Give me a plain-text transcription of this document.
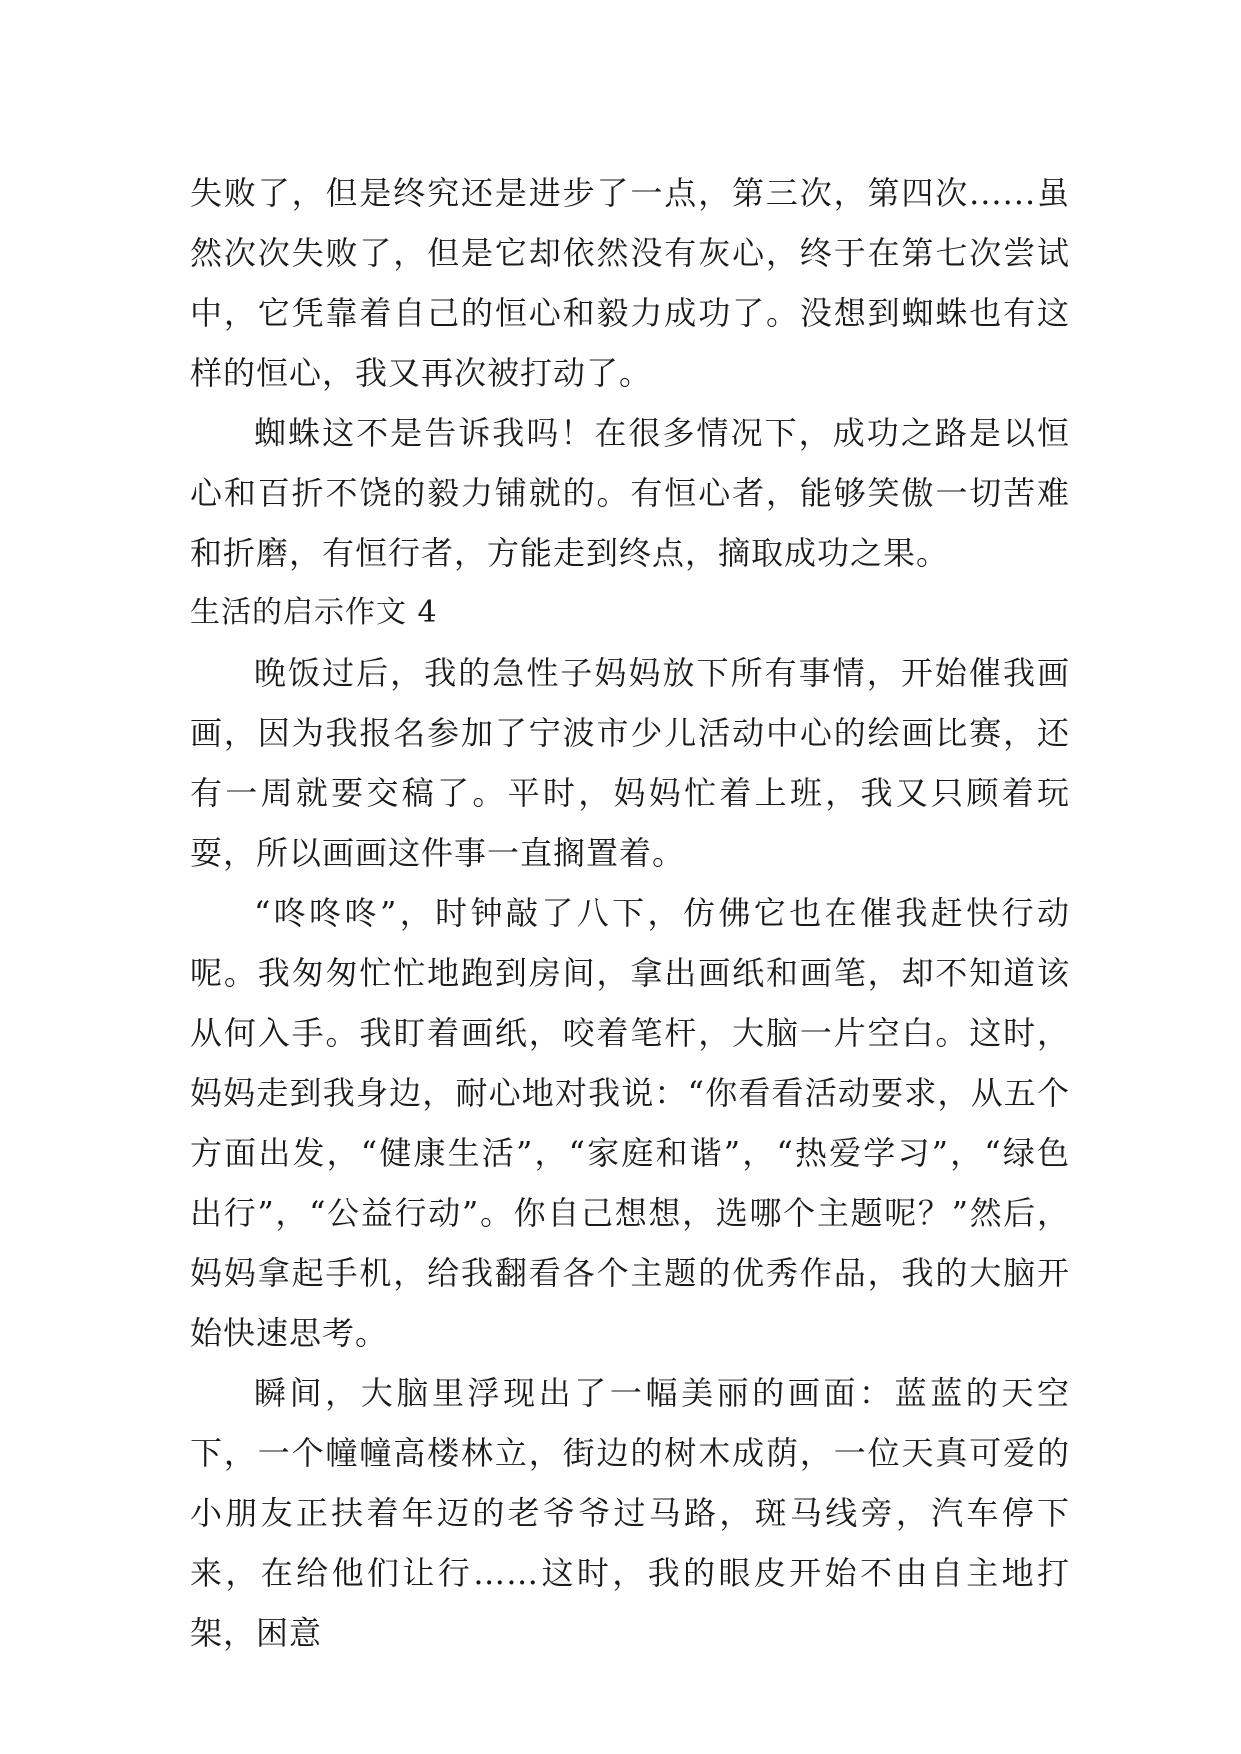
失败了，但是终究还是进步了一点，第三次，第四次......虽然次次失败了，但是它却依然没有灰心，终于在第七次尝试中，它凭靠着自己的恒心和毅力成功了。没想到蜘蛛也有这样的恒心，我又再次被打动了。

蜘蛛这不是告诉我吗！在很多情况下，成功之路是以恒心和百折不饶的毅力铺就的。有恒心者，能够笑傲一切苦难和折磨，有恒行者，方能走到终点，摘取成功之果。

生活的启示作文 4

晚饭过后，我的急性子妈妈放下所有事情，开始催我画画，因为我报名参加了宁波市少儿活动中心的绘画比赛，还有一周就要交稿了。平时，妈妈忙着上班，我又只顾着玩耍，所以画画这件事一直搁置着。

“咚咚咚”，时钟敲了八下，仿佛它也在催我赶快行动呢。我匆匆忙忙地跑到房间，拿出画纸和画笔，却不知道该从何入手。我盯着画纸，咬着笔杆，大脑一片空白。这时，妈妈走到我身边，耐心地对我说：“你看看活动要求，从五个方面出发，“健康生活”，“家庭和谐”，“热爱学习”，“绿色出行”，“公益行动”。你自己想想，选哪个主题呢？”然后，妈妈拿起手机，给我翻看各个主题的优秀作品，我的大脑开始快速思考。

瞬间，大脑里浮现出了一幅美丽的画面：蓝蓝的天空下，一个幢幢高楼林立，街边的树木成荫，一位天真可爱的小朋友正扶着年迈的老爷爷过马路，斑马线旁，汽车停下来，在给他们让行……这时，我的眼皮开始不由自主地打架，困意
